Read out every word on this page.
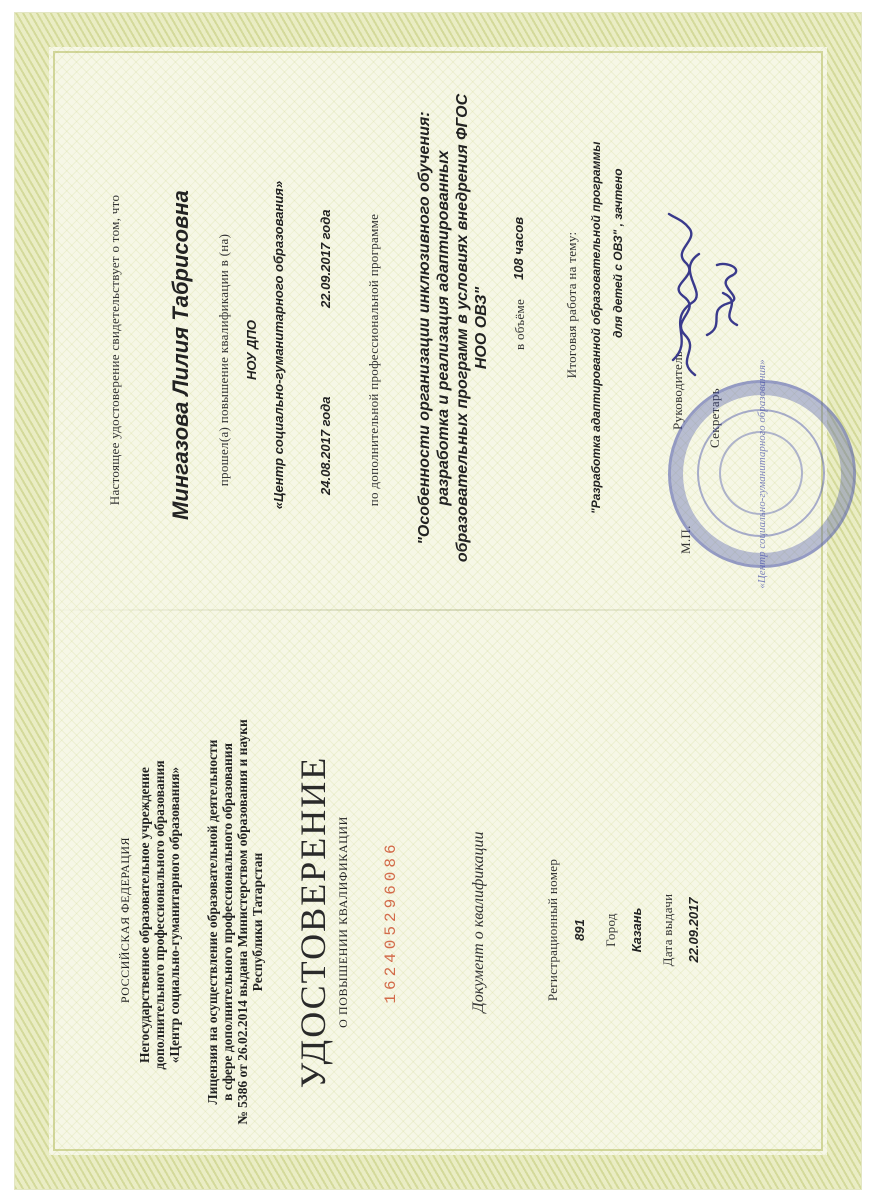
РОССИЙСКАЯ ФЕДЕРАЦИЯ Негосударственное образовательное учреждение дополнительного профессионального образования «Центр социально-гуманитарного образования» Лицензия на осуществление образовательной деятельности в сфере дополнительного профессионального образования № 5386 от 26.02.2014 выдана Министерством образования и науки Республики Татарстан УДОСТОВЕРЕНИЕ О ПОВЫШЕНИИ КВАЛИФИКАЦИИ 162405296086	Документ о квалификации	Регистрационный номер 891 Город Казань Дата выдачи 22.09.2017
Настоящее удостоверение свидетельствует о том, что Мингазова Лилия Табрисовна прошел(а) повышение квалификации в (на) НОУ ДПО «Центр социально-гуманитарного образования» 24.08.2017 года
22.09.2017 года	по дополнительной профессиональной программе "Особенности организации инклюзивного обучения: разработка и реализация адаптированных образовательных программ в условиях внедрения ФГОС НОО ОВЗ" в объёме
108 часов	Итоговая работа на тему: "Разработка адаптированной образовательной программы для детей с ОВЗ" , зачтено
Руководитель
М.П.
Секретарь	«Центр социально-гуманитарного образования»
